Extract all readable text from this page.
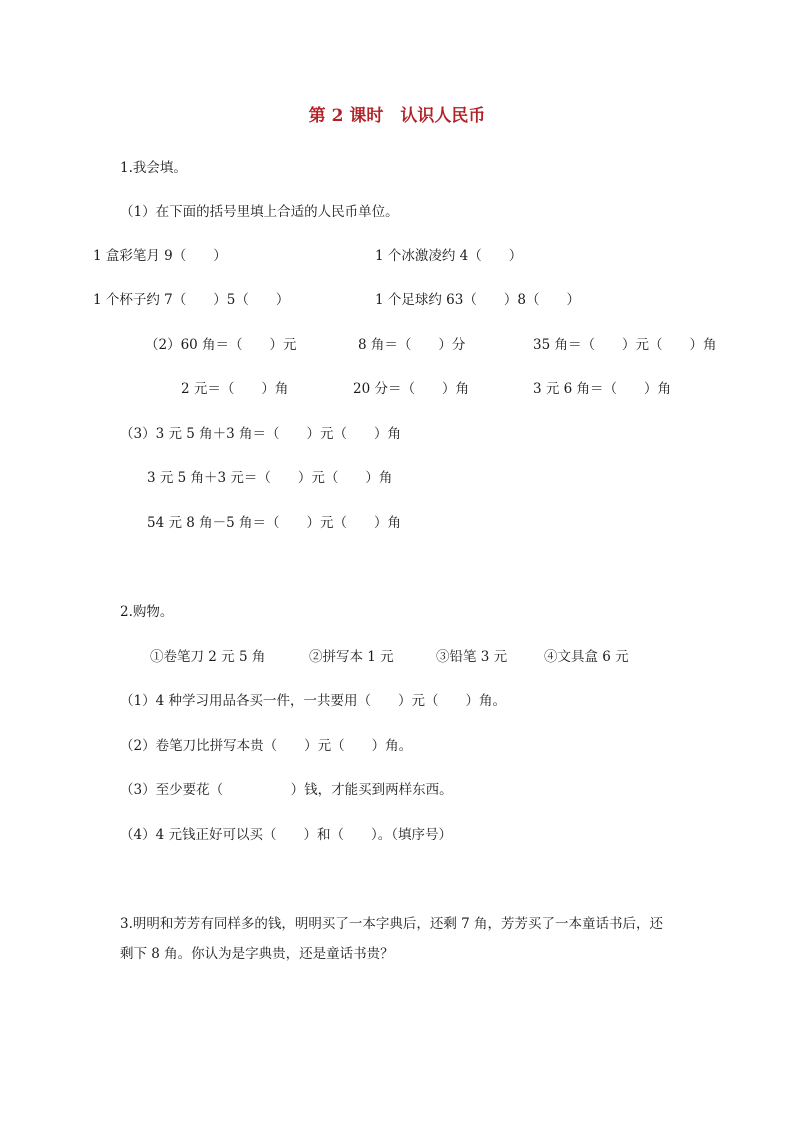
第 2 课时　认识人民币
1.我会填。
（1）在下面的括号里填上合适的人民币单位。
1 盒彩笔月 9（　　）	1 个冰激凌约 4（　　）
1 个杯子约 7（　　）5（　　）	1 个足球约 63（　　）8（　　）
（2）60 角＝（　　）元	8 角＝（　　）分	35 角＝（　　）元（　　）角
2 元＝（　　）角	20 分＝（　　）角	3 元 6 角＝（　　）角
（3）3 元 5 角＋3 角＝（　　）元（　　）角
3 元 5 角＋3 元＝（　　）元（　　）角
54 元 8 角－5 角＝（　　）元（　　）角
2.购物。
①卷笔刀 2 元 5 角	②拼写本 1 元	③铅笔 3 元	④文具盒 6 元
（1）4 种学习用品各买一件，一共要用（　　）元（　　）角。
（2）卷笔刀比拼写本贵（　　）元（　　）角。
（3）至少要花（　　　　　）钱，才能买到两样东西。
（4）4 元钱正好可以买（　　）和（　　）。（填序号）
3.明明和芳芳有同样多的钱，明明买了一本字典后，还剩 7 角，芳芳买了一本童话书后，还
剩下 8 角。你认为是字典贵，还是童话书贵？
